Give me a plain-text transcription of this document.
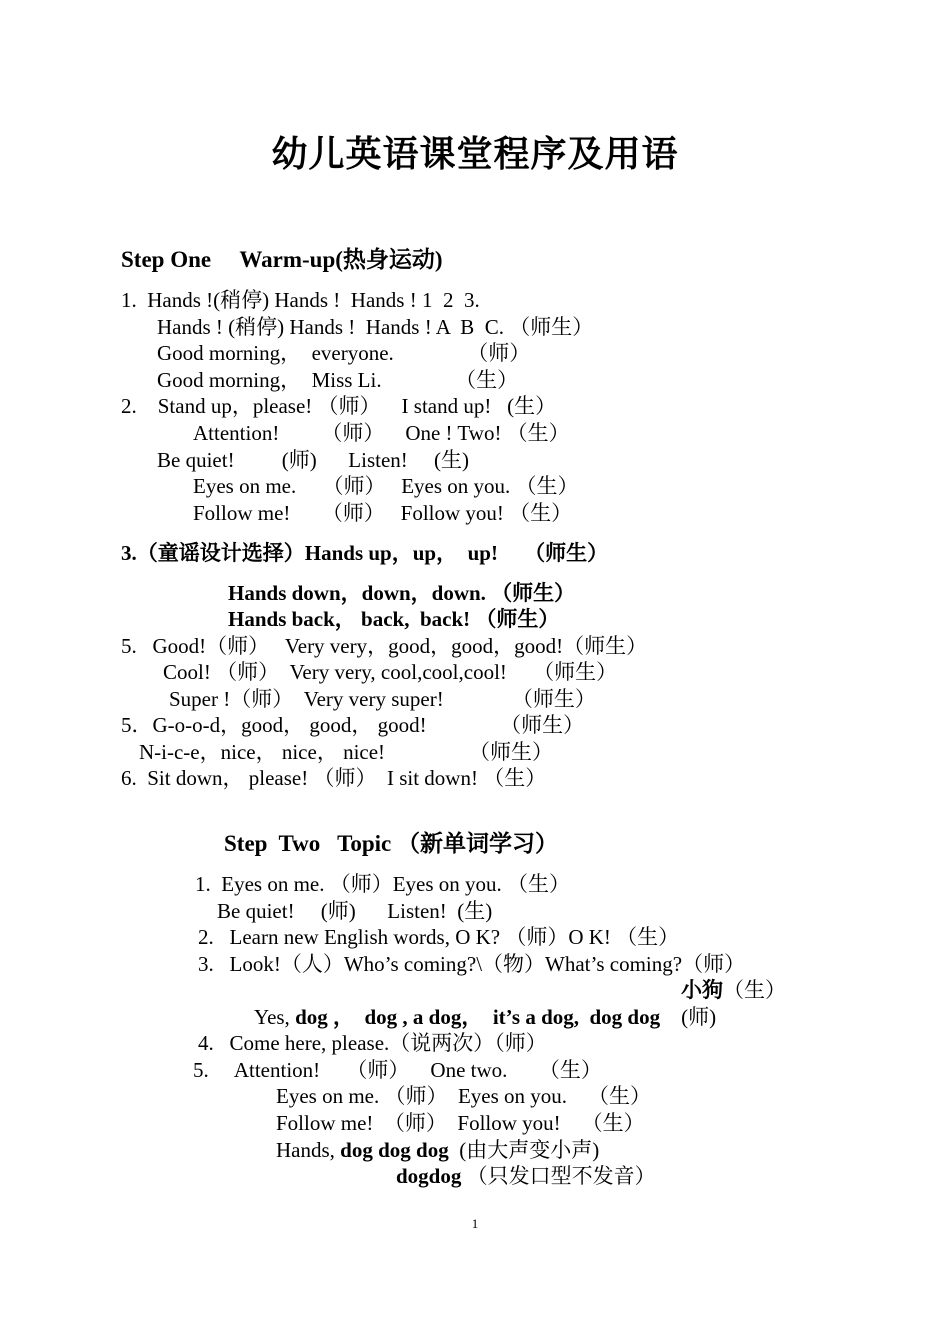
幼儿英语课堂程序及用语
Step One     Warm-up(热身运动)
1.  Hands !(稍停) Hands !  Hands ! 1  2  3.
Hands ! (稍停) Hands !  Hands ! A  B  C. （师生）
Good morning，  everyone.              （师）
Good morning，  Miss Li.              （生）
2.    Stand up，please! （师）    I stand up!   (生）
Attention!        （师）    One ! Two! （生）
Be quiet!         (师)      Listen!     (生)
Eyes on me.     （师）   Eyes on you. （生）
Follow me!      （师）   Follow you! （生）
3.（童谣设计选择）Hands up，up，  up!     （师生）
Hands down，down，down. （师生）
Hands back， back,  back! （师生）
5.   Good!（师）   Very very，good，good，good!（师生）
Cool! （师）  Very very, cool,cool,cool!     （师生）
Super !（师）  Very very super!             （师生）
5．G-o-o-d，good， good， good!              （师生）
N-i-c-e，nice， nice， nice!                （师生）
6.  Sit down， please! （师）  I sit down! （生）
Step  Two   Topic （新单词学习）
1.  Eyes on me. （师）Eyes on you. （生）
Be quiet!     (师)      Listen!  (生)
2.   Learn new English words, O K? （师）O K! （生）
3.   Look!（人）Who’s coming?\（物）What’s coming?（师）
小狗（生）
Yes, dog ，  dog , a dog，  it’s a dog,  dog dog (师)
4.   Come here, please.（说两次）（师）
5.     Attention!     （师）    One two.      （生）
Eyes on me. （师）  Eyes on you.    （生）
Follow me!  （师）  Follow you!    （生）
Hands, dog dog dog  (由大声变小声)
dogdog （只发口型不发音）
1
